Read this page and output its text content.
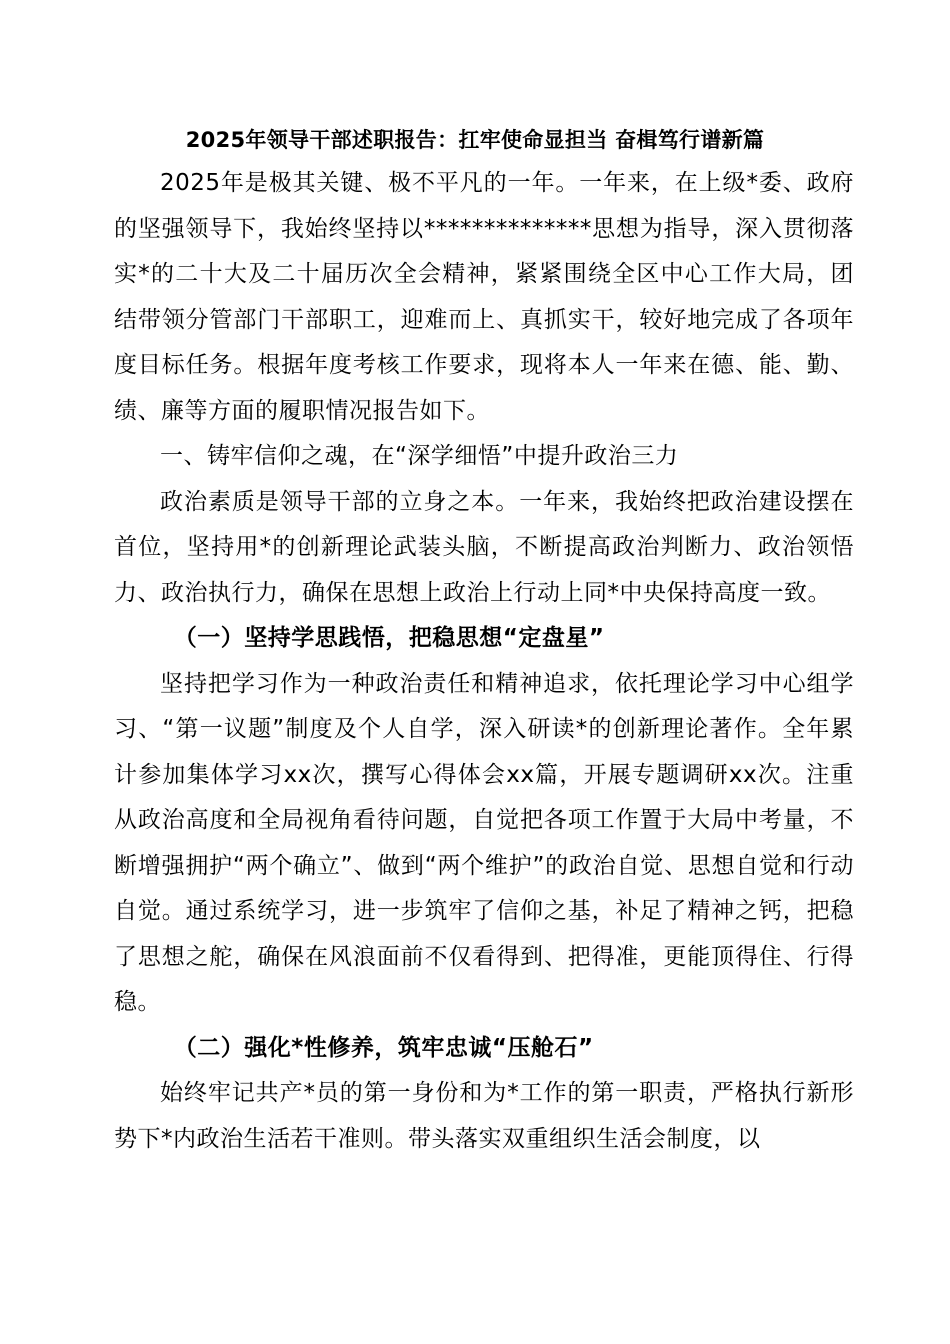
2025年领导干部述职报告：扛牢使命显担当 奋楫笃行谱新篇

2025年是极其关键、极不平凡的一年。一年来，在上级*委、政府的坚强领导下，我始终坚持以**************思想为指导，深入贯彻落实*的二十大及二十届历次全会精神，紧紧围绕全区中心工作大局，团结带领分管部门干部职工，迎难而上、真抓实干，较好地完成了各项年度目标任务。根据年度考核工作要求，现将本人一年来在德、能、勤、绩、廉等方面的履职情况报告如下。

一、铸牢信仰之魂，在“深学细悟”中提升政治三力

政治素质是领导干部的立身之本。一年来，我始终把政治建设摆在首位，坚持用*的创新理论武装头脑，不断提高政治判断力、政治领悟力、政治执行力，确保在思想上政治上行动上同*中央保持高度一致。

（一）坚持学思践悟，把稳思想“定盘星”

坚持把学习作为一种政治责任和精神追求，依托理论学习中心组学习、“第一议题”制度及个人自学，深入研读*的创新理论著作。全年累计参加集体学习xx次，撰写心得体会xx篇，开展专题调研xx次。注重从政治高度和全局视角看待问题，自觉把各项工作置于大局中考量，不断增强拥护“两个确立”、做到“两个维护”的政治自觉、思想自觉和行动自觉。通过系统学习，进一步筑牢了信仰之基，补足了精神之钙，把稳了思想之舵，确保在风浪面前不仅看得到、把得准，更能顶得住、行得稳。

（二）强化*性修养，筑牢忠诚“压舱石”

始终牢记共产*员的第一身份和为*工作的第一职责，严格执行新形势下*内政治生活若干准则。带头落实双重组织生活会制度，以
